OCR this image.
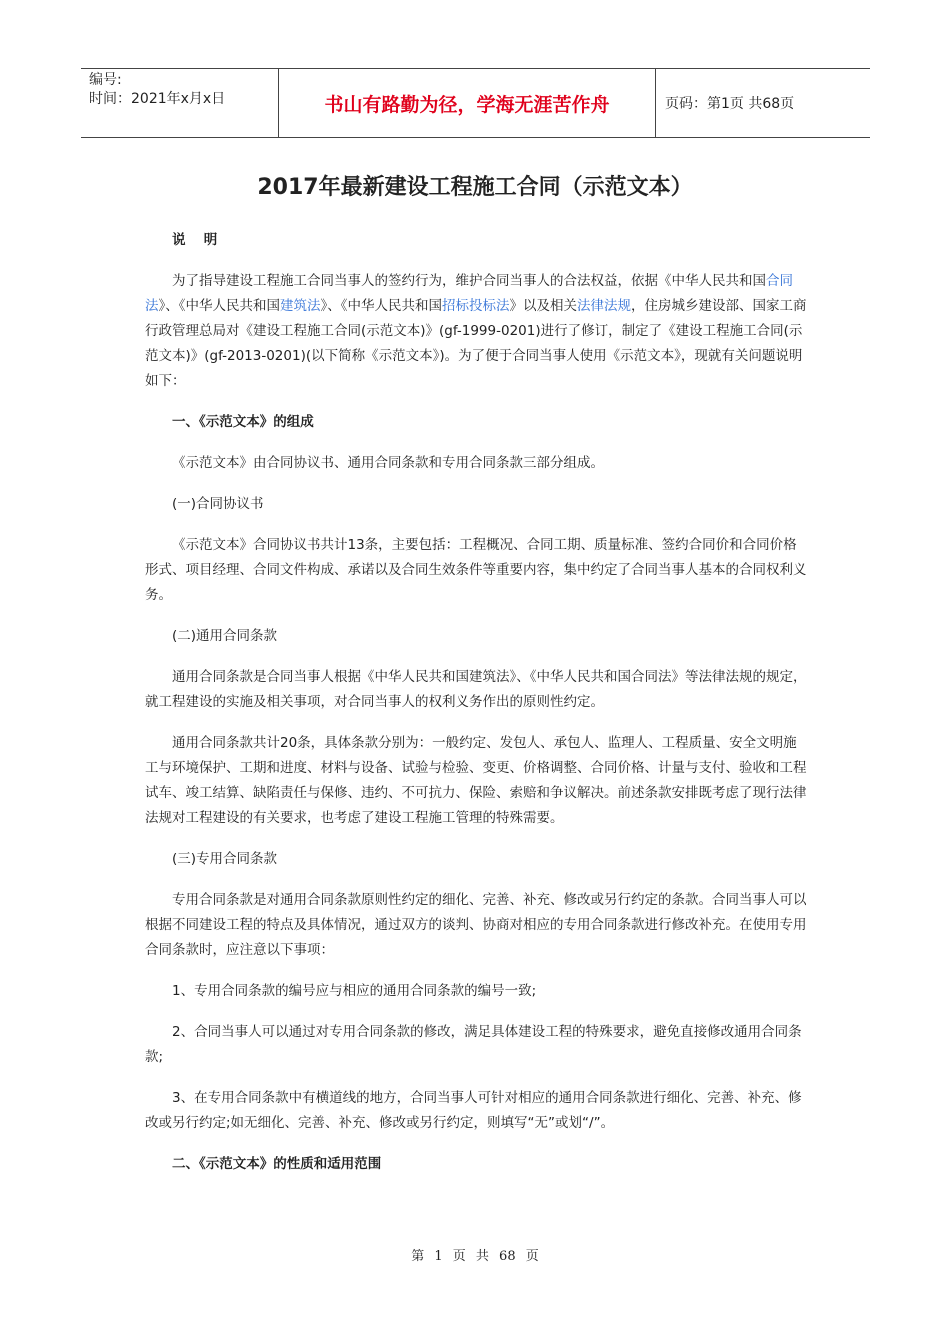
编号:
时间：2021年x月x日	书山有路勤为径，学海无涯苦作舟	页码：第1页 共68页
2017年最新建设工程施工合同（示范文本）

说 明

为了指导建设工程施工合同当事人的签约行为，维护合同当事人的合法权益，依据《中华人民共和国合同法》、《中华人民共和国建筑法》、《中华人民共和国招标投标法》以及相关法律法规，住房城乡建设部、国家工商行政管理总局对《建设工程施工合同(示范文本)》(gf-1999-0201)进行了修订，制定了《建设工程施工合同(示范文本)》(gf-2013-0201)(以下简称《示范文本》)。为了便于合同当事人使用《示范文本》，现就有关问题说明如下：

一、《示范文本》的组成

《示范文本》由合同协议书、通用合同条款和专用合同条款三部分组成。

(一)合同协议书

《示范文本》合同协议书共计13条，主要包括：工程概况、合同工期、质量标准、签约合同价和合同价格形式、项目经理、合同文件构成、承诺以及合同生效条件等重要内容，集中约定了合同当事人基本的合同权利义务。

(二)通用合同条款

通用合同条款是合同当事人根据《中华人民共和国建筑法》、《中华人民共和国合同法》等法律法规的规定，就工程建设的实施及相关事项，对合同当事人的权利义务作出的原则性约定。

通用合同条款共计20条，具体条款分别为：一般约定、发包人、承包人、监理人、工程质量、安全文明施工与环境保护、工期和进度、材料与设备、试验与检验、变更、价格调整、合同价格、计量与支付、验收和工程试车、竣工结算、缺陷责任与保修、违约、不可抗力、保险、索赔和争议解决。前述条款安排既考虑了现行法律法规对工程建设的有关要求，也考虑了建设工程施工管理的特殊需要。

(三)专用合同条款

专用合同条款是对通用合同条款原则性约定的细化、完善、补充、修改或另行约定的条款。合同当事人可以根据不同建设工程的特点及具体情况，通过双方的谈判、协商对相应的专用合同条款进行修改补充。在使用专用合同条款时，应注意以下事项：

1、专用合同条款的编号应与相应的通用合同条款的编号一致;

2、合同当事人可以通过对专用合同条款的修改，满足具体建设工程的特殊要求，避免直接修改通用合同条款;

3、在专用合同条款中有横道线的地方，合同当事人可针对相应的通用合同条款进行细化、完善、补充、修改或另行约定;如无细化、完善、补充、修改或另行约定，则填写“无”或划“/”。

二、《示范文本》的性质和适用范围

第 1 页 共 68 页
